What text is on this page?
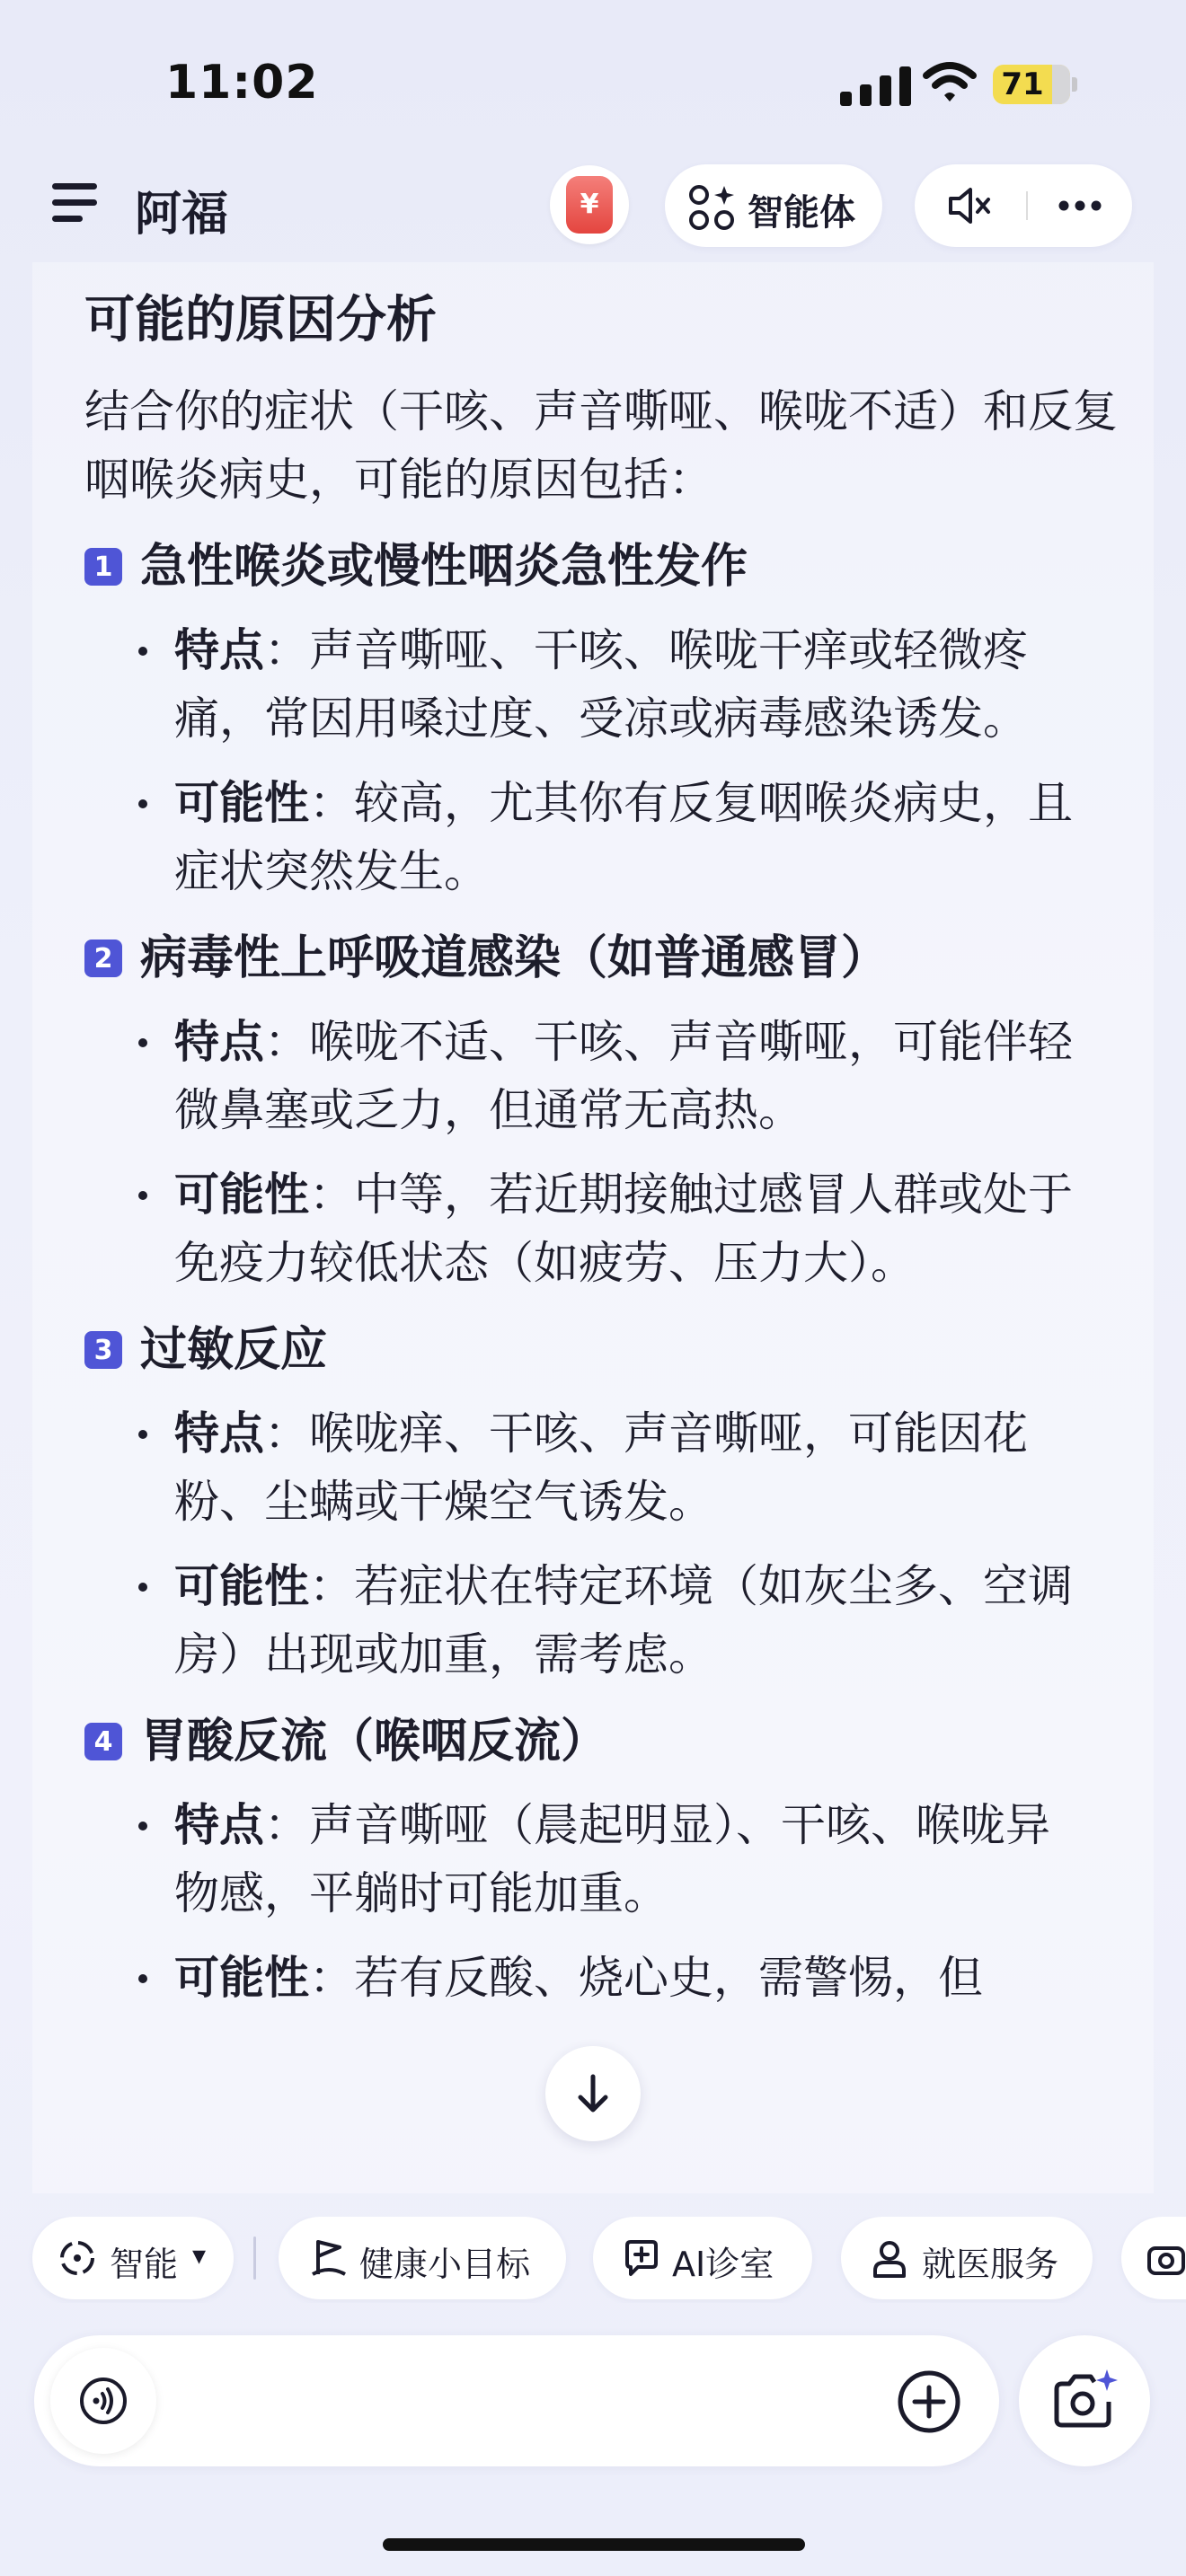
11:02	71
阿福	¥	智能体
可能的原因分析

结合你的症状（干咳、声音嘶哑、喉咙不适）和反复咽喉炎病史，可能的原因包括：

1 急性喉炎或慢性咽炎急性发作
特点：声音嘶哑、干咳、喉咙干痒或轻微疼痛，常因用嗓过度、受凉或病毒感染诱发。
可能性：较高，尤其你有反复咽喉炎病史，且症状突然发生。
2 病毒性上呼吸道感染（如普通感冒）
特点：喉咙不适、干咳、声音嘶哑，可能伴轻微鼻塞或乏力，但通常无高热。
可能性：中等，若近期接触过感冒人群或处于免疫力较低状态（如疲劳、压力大）。
3 过敏反应
特点：喉咙痒、干咳、声音嘶哑，可能因花粉、尘螨或干燥空气诱发。
可能性：若症状在特定环境（如灰尘多、空调房）出现或加重，需考虑。
4 胃酸反流（喉咽反流）
特点：声音嘶哑（晨起明显）、干咳、喉咙异物感，平躺时可能加重。
可能性：若有反酸、烧心史，需警惕，但
智能 ▾	健康小目标	AI诊室	就医服务
